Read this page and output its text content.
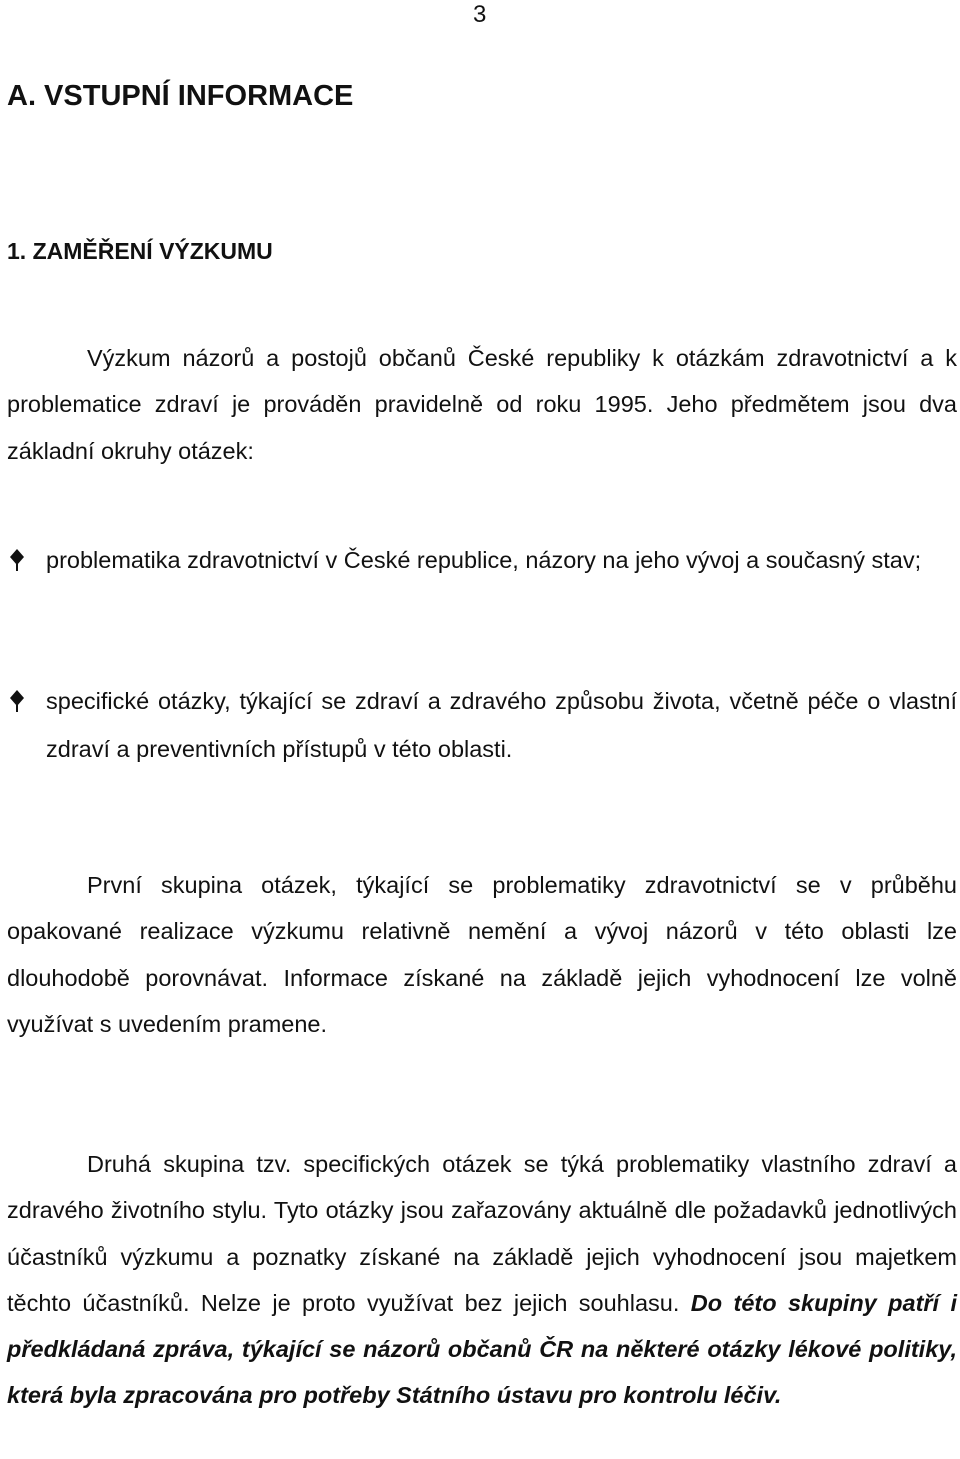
3
A. VSTUPNÍ INFORMACE
1. ZAMĚŘENÍ VÝZKUMU

Výzkum názorů a postojů občanů České republiky k otázkám zdravotnictví a k problematice zdraví je prováděn pravidelně od roku 1995. Jeho předmětem jsou dva základní okruhy otázek:

problematika zdravotnictví v České republice, názory na jeho vývoj a současný stav;
specifické otázky, týkající se zdraví a zdravého způsobu života, včetně péče o vlastní zdraví a preventivních přístupů v této oblasti.

První skupina otázek, týkající se problematiky zdravotnictví se v průběhu opakované realizace výzkumu relativně nemění a vývoj názorů v této oblasti lze dlouhodobě porovnávat. Informace získané na základě jejich vyhodnocení lze volně využívat s uvedením pramene.

Druhá skupina tzv. specifických otázek se týká problematiky vlastního zdraví a zdravého životního stylu. Tyto otázky jsou zařazovány aktuálně dle požadavků jednotlivých účastníků výzkumu a poznatky získané na základě jejich vyhodnocení jsou majetkem těchto účastníků. Nelze je proto využívat bez jejich souhlasu. Do této skupiny patří i předkládaná zpráva, týkající se názorů občanů ČR na některé otázky lékové politiky, která byla zpracována pro potřeby Státního ústavu pro kontrolu léčiv.
